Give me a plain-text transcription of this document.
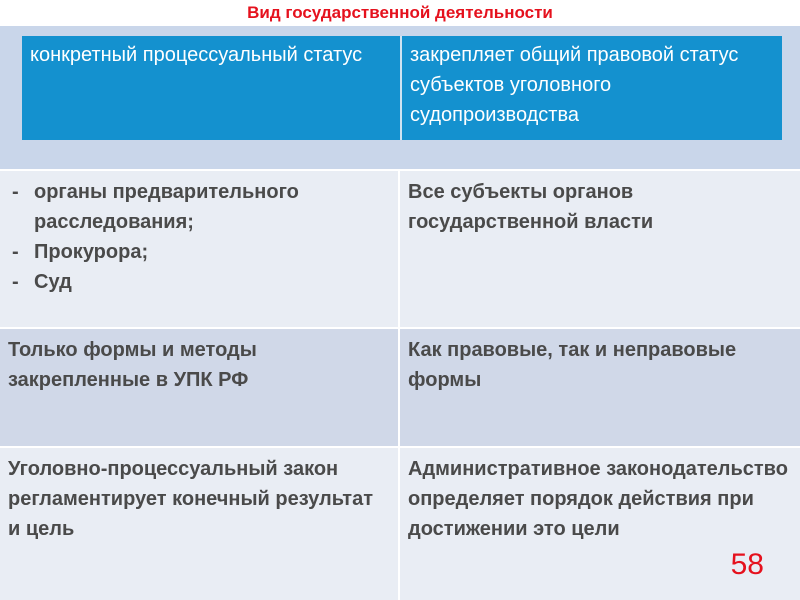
Вид государственной деятельности
конкретный процессуальный статус	закрепляет общий правовой статус субъектов уголовного судопроизводства
- органы предварительного расследования;
- Прокурора;
- Суд
Все субъекты органов государственной власти
Только формы и методы закрепленные в УПК РФ
Как правовые, так и неправовые формы
Уголовно-процессуальный закон регламентирует конечный результат и цель
Административное законодательство определяет порядок действия при достижении это цели
58
